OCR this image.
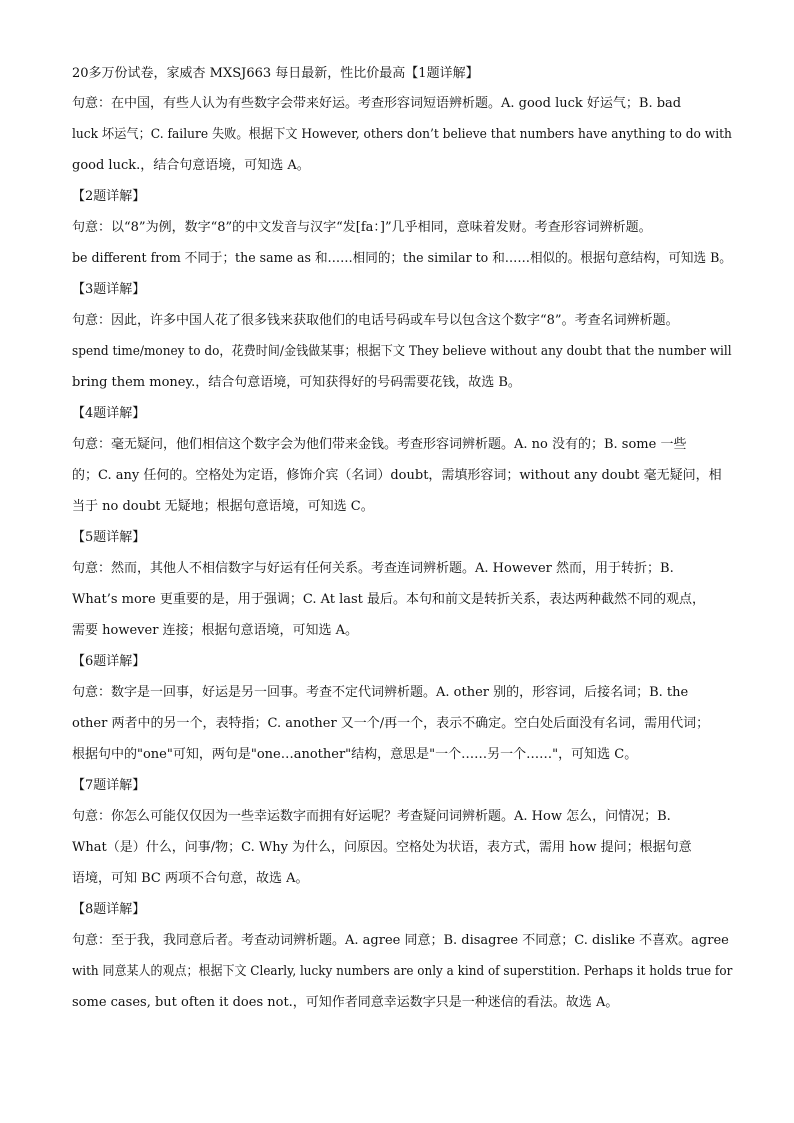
20多万份试卷，家威杏 MXSJ663 每日最新，性比价最高【1题详解】

句意：在中国，有些人认为有些数字会带来好运。考查形容词短语辨析题。A. good luck 好运气；B. bad
luck 坏运气；C. failure 失败。根据下文 However, others don’t believe that numbers have anything to do with
good luck.，结合句意语境，可知选 A。

【2题详解】

句意：以“8”为例，数字“8”的中文发音与汉字“发[fa：]”几乎相同，意味着发财。考查形容词辨析题。
be different from 不同于；the same as 和……相同的；the similar to 和……相似的。根据句意结构，可知选 B。

【3题详解】

句意：因此，许多中国人花了很多钱来获取他们的电话号码或车号以包含这个数字“8”。考查名词辨析题。
spend time/money to do，花费时间/金钱做某事；根据下文 They believe without any doubt that the number will
bring them money.，结合句意语境，可知获得好的号码需要花钱，故选 B。

【4题详解】

句意：毫无疑问，他们相信这个数字会为他们带来金钱。考查形容词辨析题。A. no 没有的；B. some 一些
的；C. any 任何的。空格处为定语，修饰介宾（名词）doubt，需填形容词；without any doubt 毫无疑问，相
当于 no doubt 无疑地；根据句意语境，可知选 C。

【5题详解】

句意：然而，其他人不相信数字与好运有任何关系。考查连词辨析题。A. However 然而，用于转折；B.
What’s more 更重要的是，用于强调；C. At last 最后。本句和前文是转折关系，表达两种截然不同的观点，
需要 however 连接；根据句意语境，可知选 A。

【6题详解】

句意：数字是一回事，好运是另一回事。考查不定代词辨析题。A. other 别的，形容词，后接名词；B. the
other 两者中的另一个，表特指；C. another 又一个/再一个，表示不确定。空白处后面没有名词，需用代词；
根据句中的"one"可知，两句是"one…another"结构，意思是"一个……另一个……"，可知选 C。

【7题详解】

句意：你怎么可能仅仅因为一些幸运数字而拥有好运呢？考查疑问词辨析题。A. How 怎么，问情况；B.
What（是）什么，问事/物；C. Why 为什么，问原因。空格处为状语，表方式，需用 how 提问；根据句意
语境，可知 BC 两项不合句意，故选 A。

【8题详解】

句意：至于我，我同意后者。考查动词辨析题。A. agree 同意；B. disagree 不同意；C. dislike 不喜欢。agree
with 同意某人的观点；根据下文 Clearly, lucky numbers are only a kind of superstition. Perhaps it holds true for
some cases, but often it does not.，可知作者同意幸运数字只是一种迷信的看法。故选 A。
